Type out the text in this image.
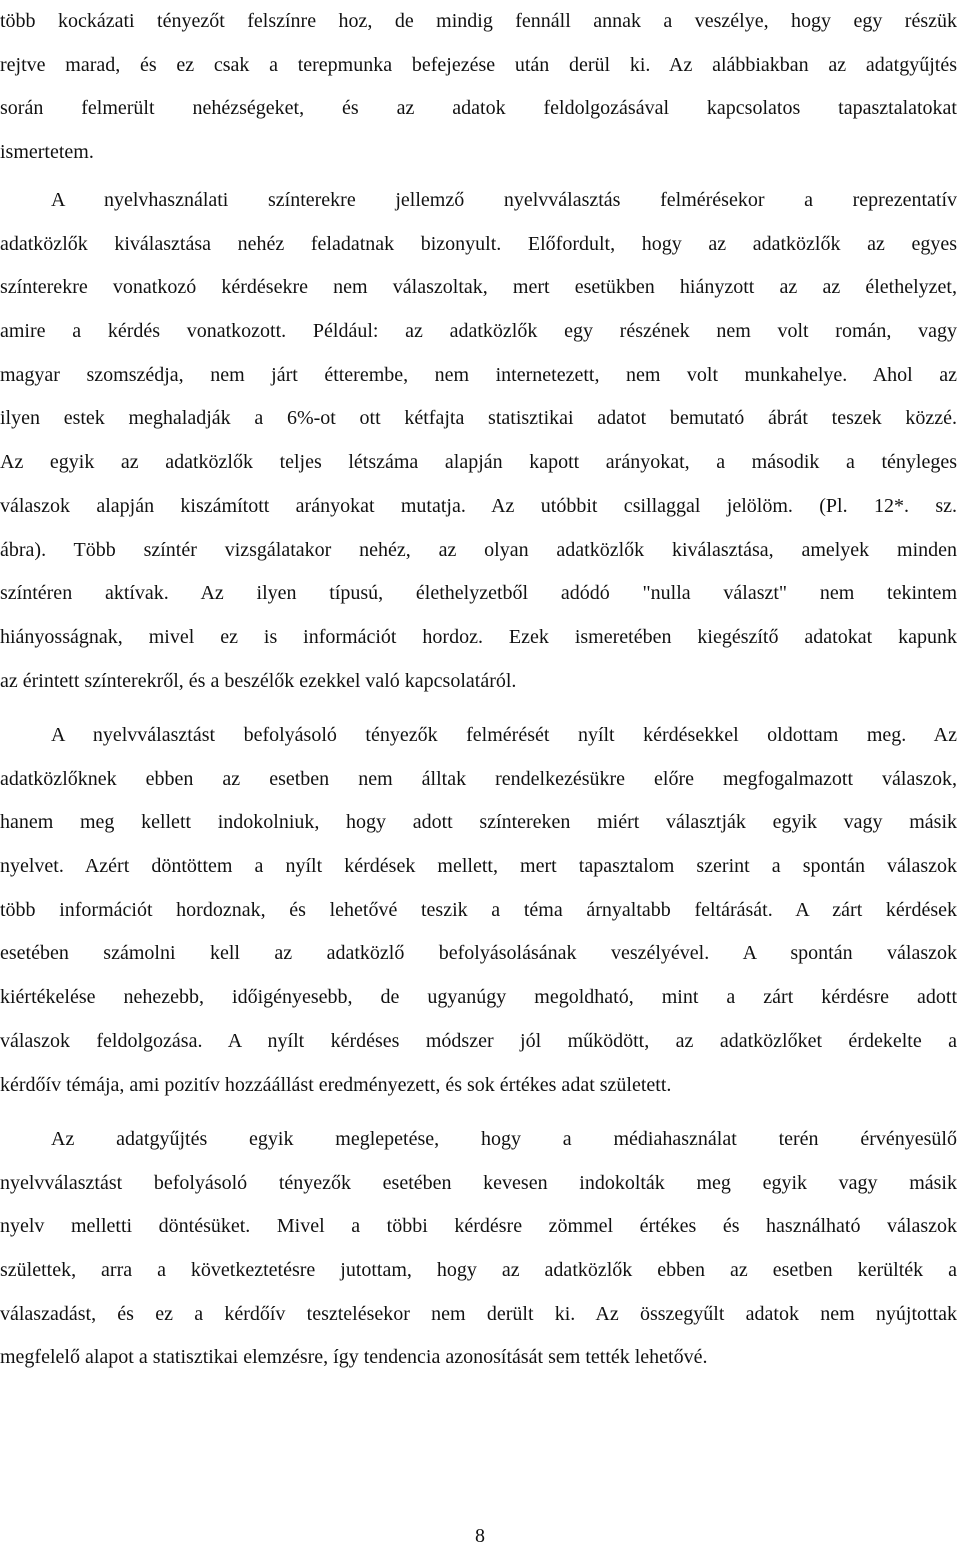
több kockázati tényezőt felszínre hoz, de mindig fennáll annak a veszélye, hogy egy részük
rejtve marad, és ez csak a terepmunka befejezése után derül ki. Az alábbiakban az adatgyűjtés
során felmerült nehézségeket, és az adatok feldolgozásával kapcsolatos tapasztalatokat
ismertetem.
A nyelvhasználati színterekre jellemző nyelvválasztás felmérésekor a reprezentatív
adatközlők kiválasztása nehéz feladatnak bizonyult. Előfordult, hogy az adatközlők az egyes
színterekre vonatkozó kérdésekre nem válaszoltak, mert esetükben hiányzott az az élethelyzet,
amire a kérdés vonatkozott. Például: az adatközlők egy részének nem volt román, vagy
magyar szomszédja, nem járt étterembe, nem internetezett, nem volt munkahelye. Ahol az
ilyen estek meghaladják a 6%-ot ott kétfajta statisztikai adatot bemutató ábrát teszek közzé.
Az egyik az adatközlők teljes létszáma alapján kapott arányokat, a második a tényleges
válaszok alapján kiszámított arányokat mutatja. Az utóbbit csillaggal jelölöm. (Pl. 12*. sz.
ábra). Több színtér vizsgálatakor nehéz, az olyan adatközlők kiválasztása, amelyek minden
színtéren aktívak. Az ilyen típusú, élethelyzetből adódó "nulla választ" nem tekintem
hiányosságnak, mivel ez is információt hordoz. Ezek ismeretében kiegészítő adatokat kapunk
az érintett színterekről, és a beszélők ezekkel való kapcsolatáról.
A nyelvválasztást befolyásoló tényezők felmérését nyílt kérdésekkel oldottam meg. Az
adatközlőknek ebben az esetben nem álltak rendelkezésükre előre megfogalmazott válaszok,
hanem meg kellett indokolniuk, hogy adott színtereken miért választják egyik vagy másik
nyelvet. Azért döntöttem a nyílt kérdések mellett, mert tapasztalom szerint a spontán válaszok
több információt hordoznak, és lehetővé teszik a téma árnyaltabb feltárását. A zárt kérdések
esetében számolni kell az adatközlő befolyásolásának veszélyével. A spontán válaszok
kiértékelése nehezebb, időigényesebb, de ugyanúgy megoldható, mint a zárt kérdésre adott
válaszok feldolgozása. A nyílt kérdéses módszer jól működött, az adatközlőket érdekelte a
kérdőív témája, ami pozitív hozzáállást eredményezett, és sok értékes adat született.
Az adatgyűjtés egyik meglepetése, hogy a médiahasználat terén érvényesülő
nyelvválasztást befolyásoló tényezők esetében kevesen indokolták meg egyik vagy másik
nyelv melletti döntésüket. Mivel a többi kérdésre zömmel értékes és használható válaszok
születtek, arra a következtetésre jutottam, hogy az adatközlők ebben az esetben kerülték a
válaszadást, és ez a kérdőív tesztelésekor nem derült ki. Az összegyűlt adatok nem nyújtottak
megfelelő alapot a statisztikai elemzésre, így tendencia azonosítását sem tették lehetővé.
8
